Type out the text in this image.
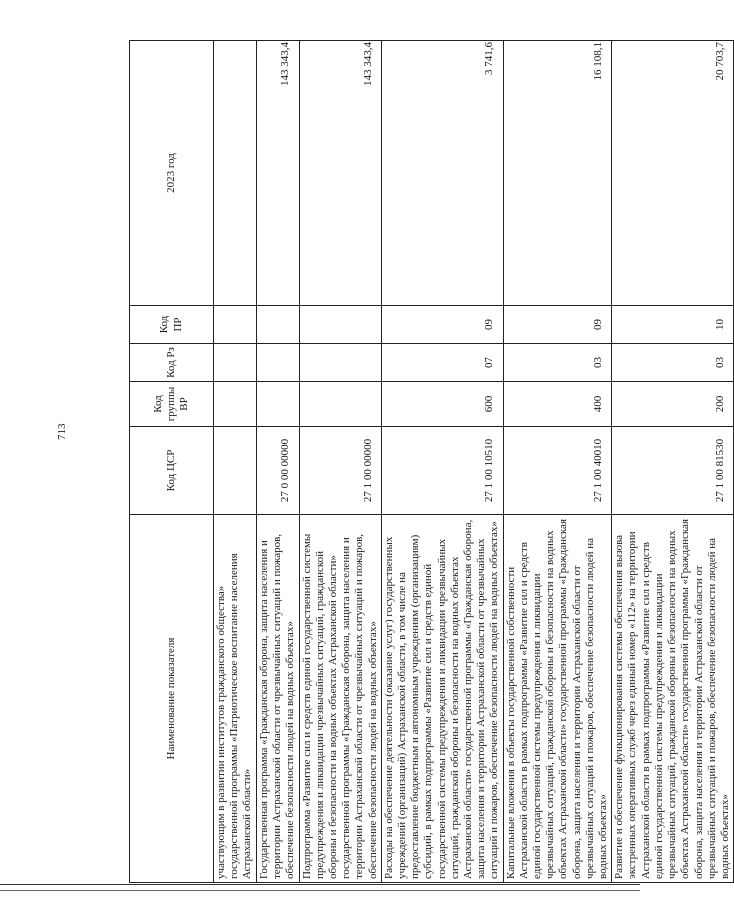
713
Наименование показателя	Код ЦСР	Код группы ВР	Код Рз	Код ПР	2023 год
участвующим в развитии институтов гражданского общества» государственной программы «Патриотическое воспитание населения Астраханской области»					
Государственная программа «Гражданская оборона, защита населения и территории Астраханской области от чрезвычайных ситуаций и пожаров, обеспечение безопасности людей на водных объектах»	27 0 00 00000				143 343,4
Подпрограмма «Развитие сил и средств единой государственной системы предупреждения и ликвидации чрезвычайных ситуаций, гражданской обороны и безопасности на водных объектах Астраханской области» государственной программы «Гражданская оборона, защита населения и территории Астраханской области от чрезвычайных ситуаций и пожаров, обеспечение безопасности людей на водных объектах»	27 1 00 00000				143 343,4
Расходы на обеспечение деятельности (оказание услуг) государственных учреждений (организаций) Астраханской области, в том числе на предоставление бюджетным и автономным учреждениям (организациям) субсидий, в рамках подпрограммы «Развитие сил и средств единой государственной системы предупреждения и ликвидации чрезвычайных ситуаций, гражданской обороны и безопасности на водных объектах Астраханской области» государственной программы «Гражданская оборона, защита населения и территории Астраханской области от чрезвычайных ситуаций и пожаров, обеспечение безопасности людей на водных объектах»	27 1 00 10510	600	07	09	3 741,6
Капитальные вложения в объекты государственной собственности Астраханской области в рамках подпрограммы «Развитие сил и средств единой государственной системы предупреждения и ликвидации чрезвычайных ситуаций, гражданской обороны и безопасности на водных объектах Астраханской области» государственной программы «Гражданская оборона, защита населения и территории Астраханской области от чрезвычайных ситуаций и пожаров, обеспечение безопасности людей на водных объектах»	27 1 00 40010	400	03	09	16 108,1
Развитие и обеспечение функционирования системы обеспечения вызова экстренных оперативных служб через единый номер «112» на территории Астраханской области в рамках подпрограммы «Развитие сил и средств единой государственной системы предупреждения и ликвидации чрезвычайных ситуаций, гражданской обороны и безопасности на водных объектах Астраханской области» государственной программы «Гражданская оборона, защита населения и территории Астраханской области от чрезвычайных ситуаций и пожаров, обеспечение безопасности людей на водных объектах»	27 1 00 81530	200	03	10	20 703,7
